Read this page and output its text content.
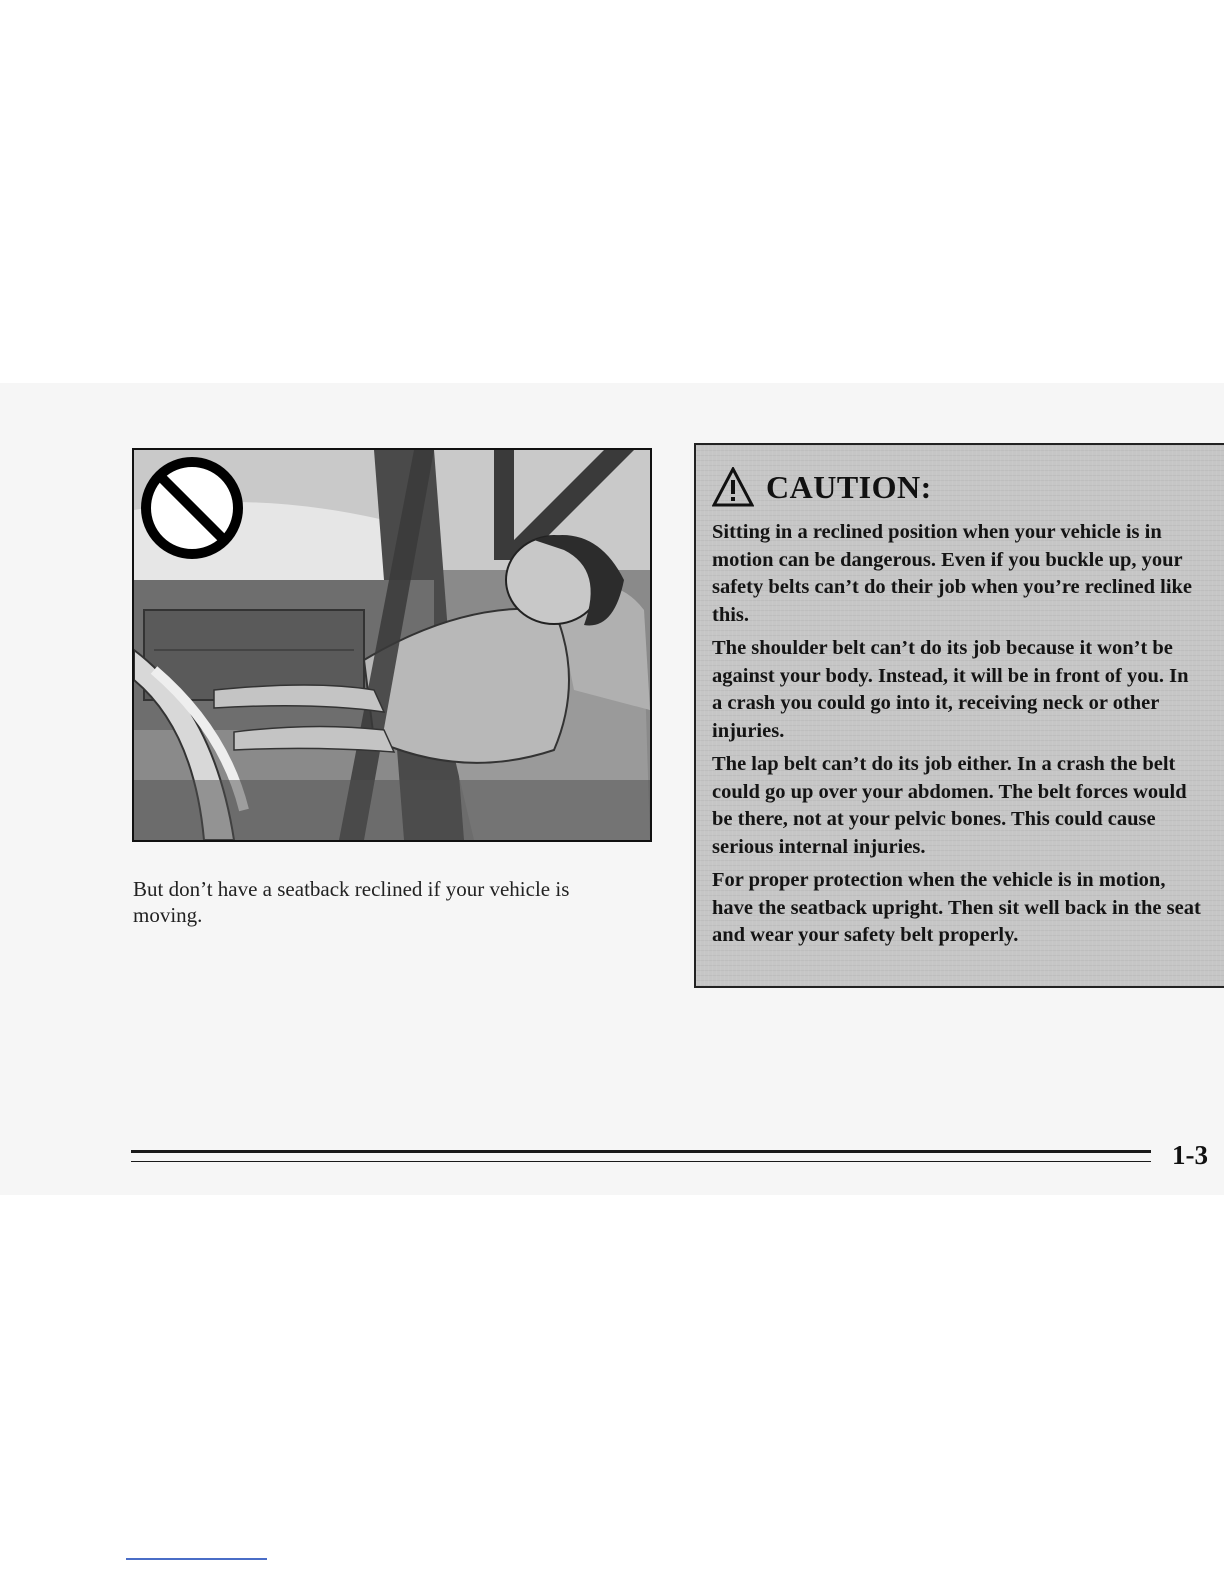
But don’t have a seatback reclined if your vehicle is moving.
CAUTION:

Sitting in a reclined position when your vehicle is in motion can be dangerous. Even if you buckle up, your safety belts can’t do their job when you’re reclined like this.

The shoulder belt can’t do its job because it won’t be against your body. Instead, it will be in front of you. In a crash you could go into it, receiving neck or other injuries.

The lap belt can’t do its job either. In a crash the belt could go up over your abdomen. The belt forces would be there, not at your pelvic bones. This could cause serious internal injuries.

For proper protection when the vehicle is in motion, have the seatback upright. Then sit well back in the seat and wear your safety belt properly.

1-3
